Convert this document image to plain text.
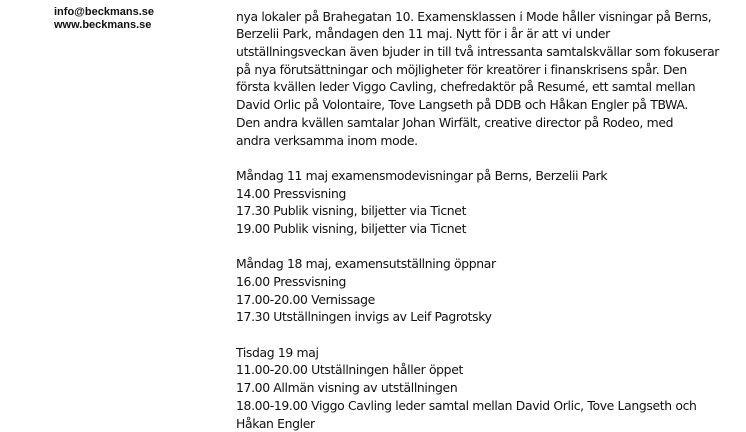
info@beckmans.se
www.beckmans.se
nya lokaler på Brahegatan 10. Examensklassen i Mode håller visningar på Berns,
Berzelii Park, måndagen den 11 maj. Nytt för i år är att vi under
utställningsveckan även bjuder in till två intressanta samtalskvällar som fokuserar
på nya förutsättningar och möjligheter för kreatörer i finanskrisens spår. Den
första kvällen leder Viggo Cavling, chefredaktör på Resumé, ett samtal mellan
David Orlic på Volontaire, Tove Langseth på DDB och Håkan Engler på TBWA.
Den andra kvällen samtalar Johan Wirfält, creative director på Rodeo, med
andra verksamma inom mode.
Måndag 11 maj examensmodevisningar på Berns, Berzelii Park
14.00 Pressvisning
17.30 Publik visning, biljetter via Ticnet
19.00 Publik visning, biljetter via Ticnet
Måndag 18 maj, examensutställning öppnar
16.00 Pressvisning
17.00-20.00 Vernissage
17.30 Utställningen invigs av Leif Pagrotsky
Tisdag 19 maj
11.00-20.00 Utställningen håller öppet
17.00 Allmän visning av utställningen
18.00-19.00 Viggo Cavling leder samtal mellan David Orlic, Tove Langseth och
Håkan Engler
